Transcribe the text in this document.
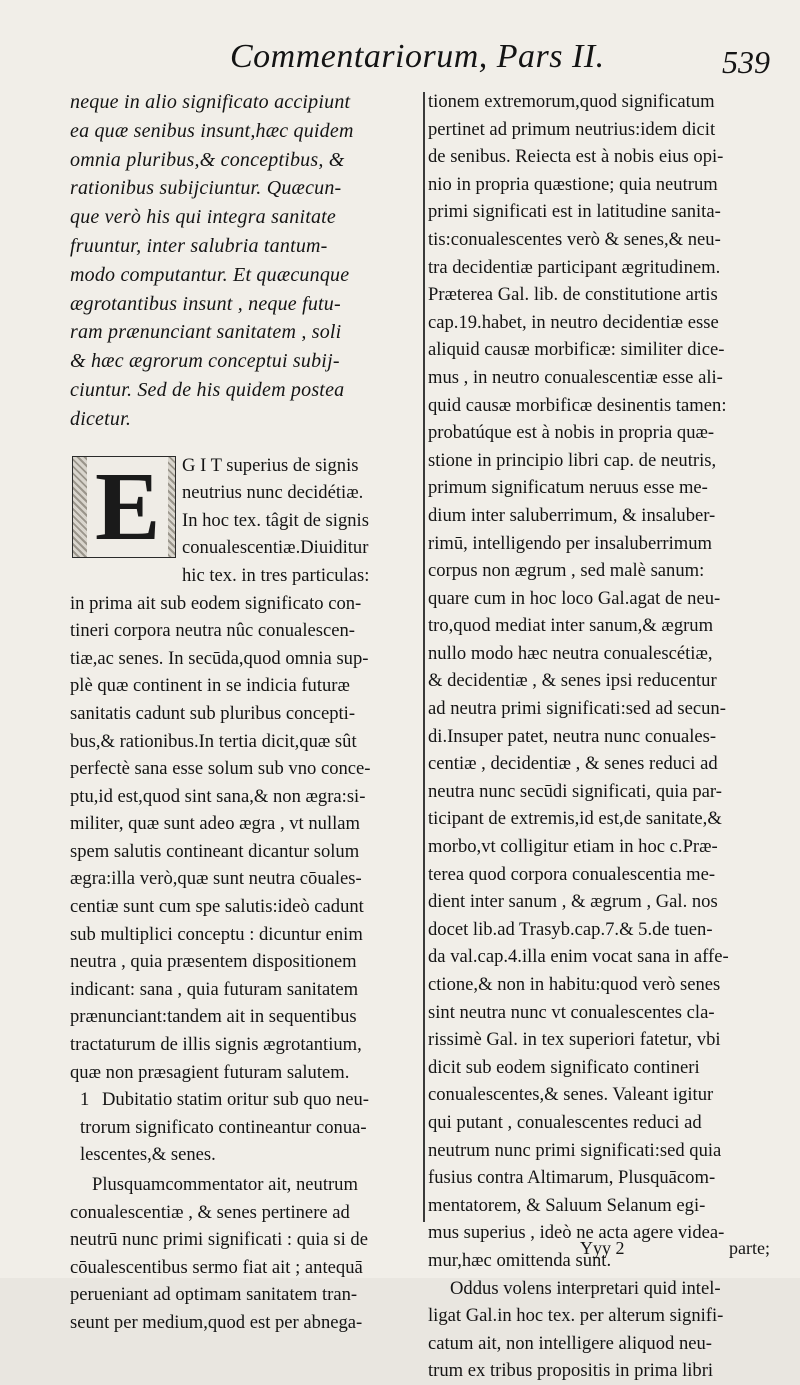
Commentariorum, Pars II.	539
neque in alio significato accipiunt
ea quæ senibus insunt,hæc quidem
omnia pluribus,& conceptibus, &
rationibus subijciuntur. Quæcun-
que verò his qui integra sanitate
fruuntur, inter salubria tantum-
modo computantur. Et quæcunque
ægrotantibus insunt , neque futu-
ram prænunciant sanitatem , soli
& hæc ægrorum conceptui subij-
ciuntur. Sed de his quidem postea
dicetur.
E	G I T superius de signis
neutrius nunc decidétiæ.
In hoc tex. tâgit de signis
conualescentiæ.Diuiditur
hic tex. in tres particulas:
in prima ait sub eodem significato con-
tineri corpora neutra nûc conualescen-
tiæ,ac senes. In secūda,quod omnia sup-
plè quæ continent in se indicia futuræ
sanitatis cadunt sub pluribus concepti-
bus,& rationibus.In tertia dicit,quæ sût
perfectè sana esse solum sub vno conce-
ptu,id est,quod sint sana,& non ægra:si-
militer, quæ sunt adeo ægra , vt nullam
spem salutis contineant dicantur solum
ægra:illa verò,quæ sunt neutra cōuales-
centiæ sunt cum spe salutis:ideò cadunt
sub multiplici conceptu : dicuntur enim
neutra , quia præsentem dispositionem
indicant: sana , quia futuram sanitatem
prænunciant:tandem ait in sequentibus
tractaturum de illis signis ægrotantium,
quæ non præsagient futuram salutem.
1 Dubitatio statim oritur sub quo neu-
trorum significato contineantur conua-
lescentes,& senes.
Plusquamcommentator ait, neutrum
conualescentiæ , & senes pertinere ad
neutrū nunc primi significati : quia si de
cōualescentibus sermo fiat ait ; antequā
perueniant ad optimam sanitatem tran-
seunt per medium,quod est per abnega-
tionem extremorum,quod significatum
pertinet ad primum neutrius:idem dicit
de senibus. Reiecta est à nobis eius opi-
nio in propria quæstione; quia neutrum
primi significati est in latitudine sanita-
tis:conualescentes verò & senes,& neu-
tra decidentiæ participant ægritudinem.
Præterea Gal. lib. de constitutione artis
cap.19.habet, in neutro decidentiæ esse
aliquid causæ morbificæ: similiter dice-
mus , in neutro conualescentiæ esse ali-
quid causæ morbificæ desinentis tamen:
probatúque est à nobis in propria quæ-
stione in principio libri cap. de neutris,
primum significatum neruus esse me-
dium inter saluberrimum, & insaluber-
rimū, intelligendo per insaluberrimum
corpus non ægrum , sed malè sanum:
quare cum in hoc loco Gal.agat de neu-
tro,quod mediat inter sanum,& ægrum
nullo modo hæc neutra conualescétiæ,
& decidentiæ , & senes ipsi reducentur
ad neutra primi significati:sed ad secun-
di.Insuper patet, neutra nunc conuales-
centiæ , decidentiæ , & senes reduci ad
neutra nunc secūdi significati, quia par-
ticipant de extremis,id est,de sanitate,&
morbo,vt colligitur etiam in hoc c.Præ-
terea quod corpora conualescentia me-
dient inter sanum , & ægrum , Gal. nos
docet lib.ad Trasyb.cap.7.& 5.de tuen-
da val.cap.4.illa enim vocat sana in affe-
ctione,& non in habitu:quod verò senes
sint neutra nunc vt conualescentes cla-
rissimè Gal. in tex superiori fatetur, vbi
dicit sub eodem significato contineri
conualescentes,& senes. Valeant igitur
qui putant , conualescentes reduci ad
neutrum nunc primi significati:sed quia
fusius contra Altimarum, Plusquācom-
mentatorem, & Saluum Selanum egi-
mus superius , ideò ne acta agere videa-
mur,hæc omittenda sunt.
Oddus volens interpretari quid intel-
ligat Gal.in hoc tex. per alterum signifi-
catum ait, non intelligere aliquod neu-
trum ex tribus propositis in prima libri
Yyy 2	parte;
